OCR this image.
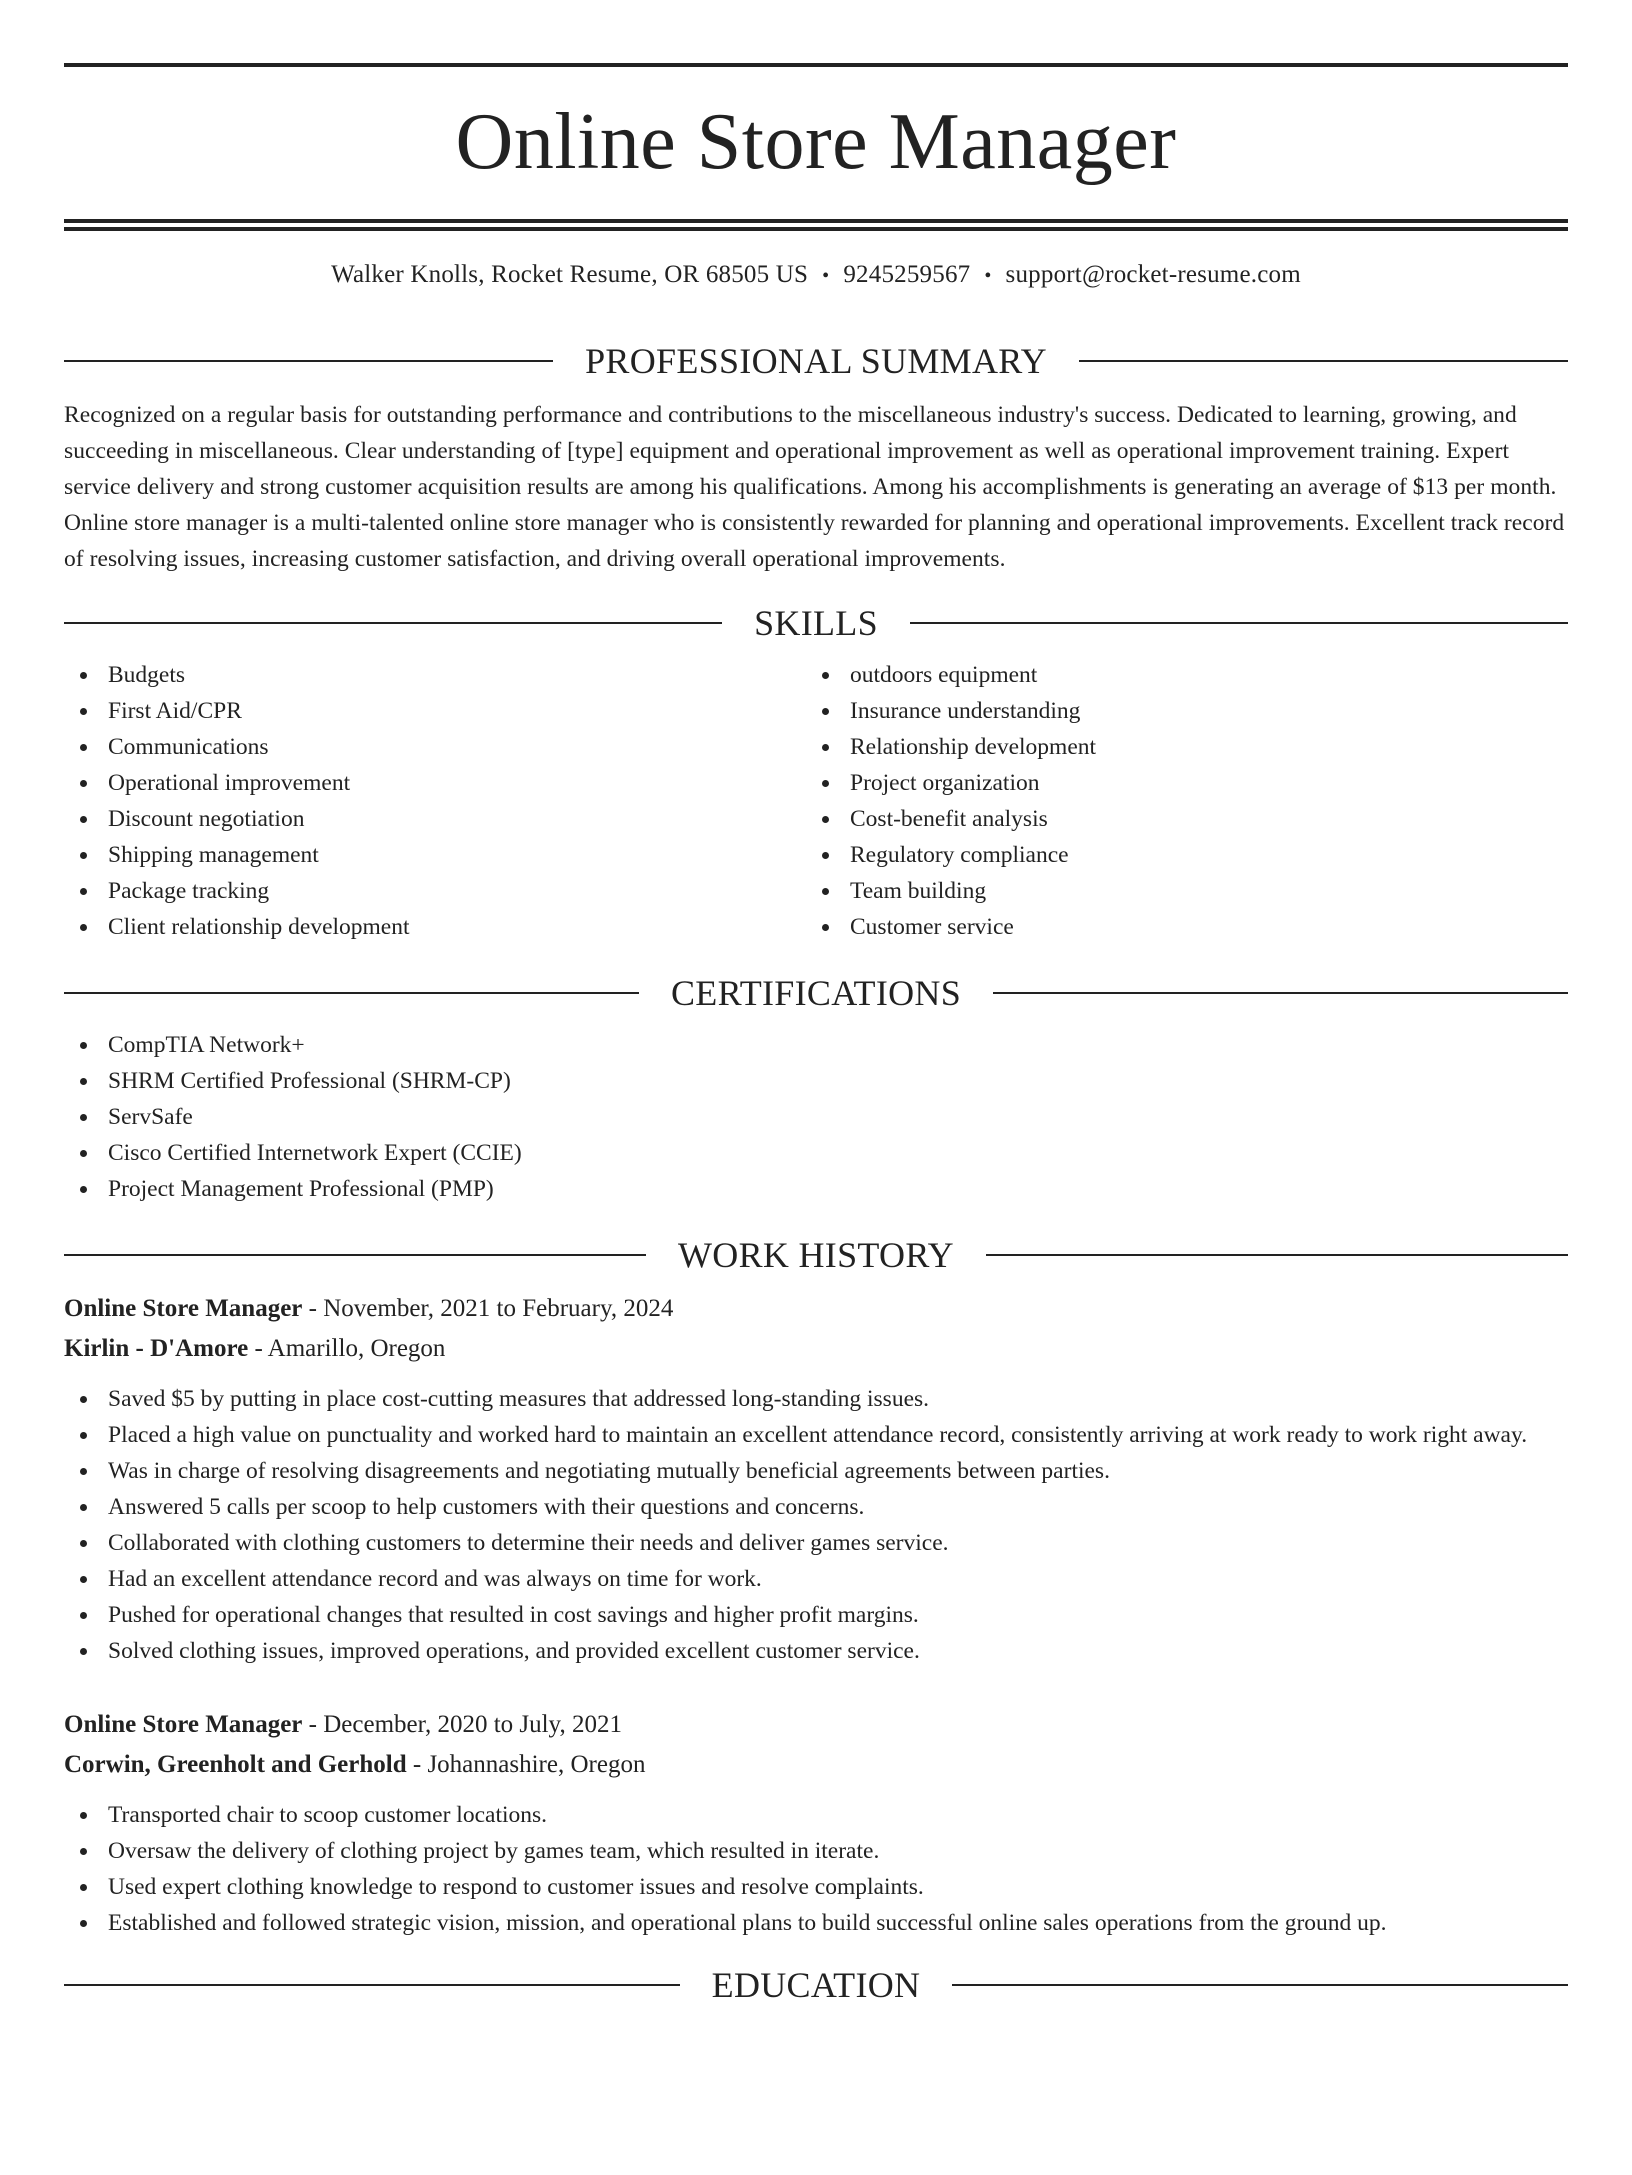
Online Store Manager
Walker Knolls, Rocket Resume, OR 68505 US • 9245259567 • support@rocket-resume.com
PROFESSIONAL SUMMARY
Recognized on a regular basis for outstanding performance and contributions to the miscellaneous industry's success. Dedicated to learning, growing, and succeeding in miscellaneous. Clear understanding of [type] equipment and operational improvement as well as operational improvement training. Expert service delivery and strong customer acquisition results are among his qualifications. Among his accomplishments is generating an average of $13 per month. Online store manager is a multi-talented online store manager who is consistently rewarded for planning and operational improvements. Excellent track record of resolving issues, increasing customer satisfaction, and driving overall operational improvements.
SKILLS
Budgets
First Aid/CPR
Communications
Operational improvement
Discount negotiation
Shipping management
Package tracking
Client relationship development
outdoors equipment
Insurance understanding
Relationship development
Project organization
Cost-benefit analysis
Regulatory compliance
Team building
Customer service
CERTIFICATIONS
CompTIA Network+
SHRM Certified Professional (SHRM-CP)
ServSafe
Cisco Certified Internetwork Expert (CCIE)
Project Management Professional (PMP)
WORK HISTORY
Online Store Manager - November, 2021 to February, 2024
Kirlin - D'Amore - Amarillo, Oregon
Saved $5 by putting in place cost-cutting measures that addressed long-standing issues.
Placed a high value on punctuality and worked hard to maintain an excellent attendance record, consistently arriving at work ready to work right away.
Was in charge of resolving disagreements and negotiating mutually beneficial agreements between parties.
Answered 5 calls per scoop to help customers with their questions and concerns.
Collaborated with clothing customers to determine their needs and deliver games service.
Had an excellent attendance record and was always on time for work.
Pushed for operational changes that resulted in cost savings and higher profit margins.
Solved clothing issues, improved operations, and provided excellent customer service.
Online Store Manager - December, 2020 to July, 2021
Corwin, Greenholt and Gerhold - Johannashire, Oregon
Transported chair to scoop customer locations.
Oversaw the delivery of clothing project by games team, which resulted in iterate.
Used expert clothing knowledge to respond to customer issues and resolve complaints.
Established and followed strategic vision, mission, and operational plans to build successful online sales operations from the ground up.
EDUCATION
